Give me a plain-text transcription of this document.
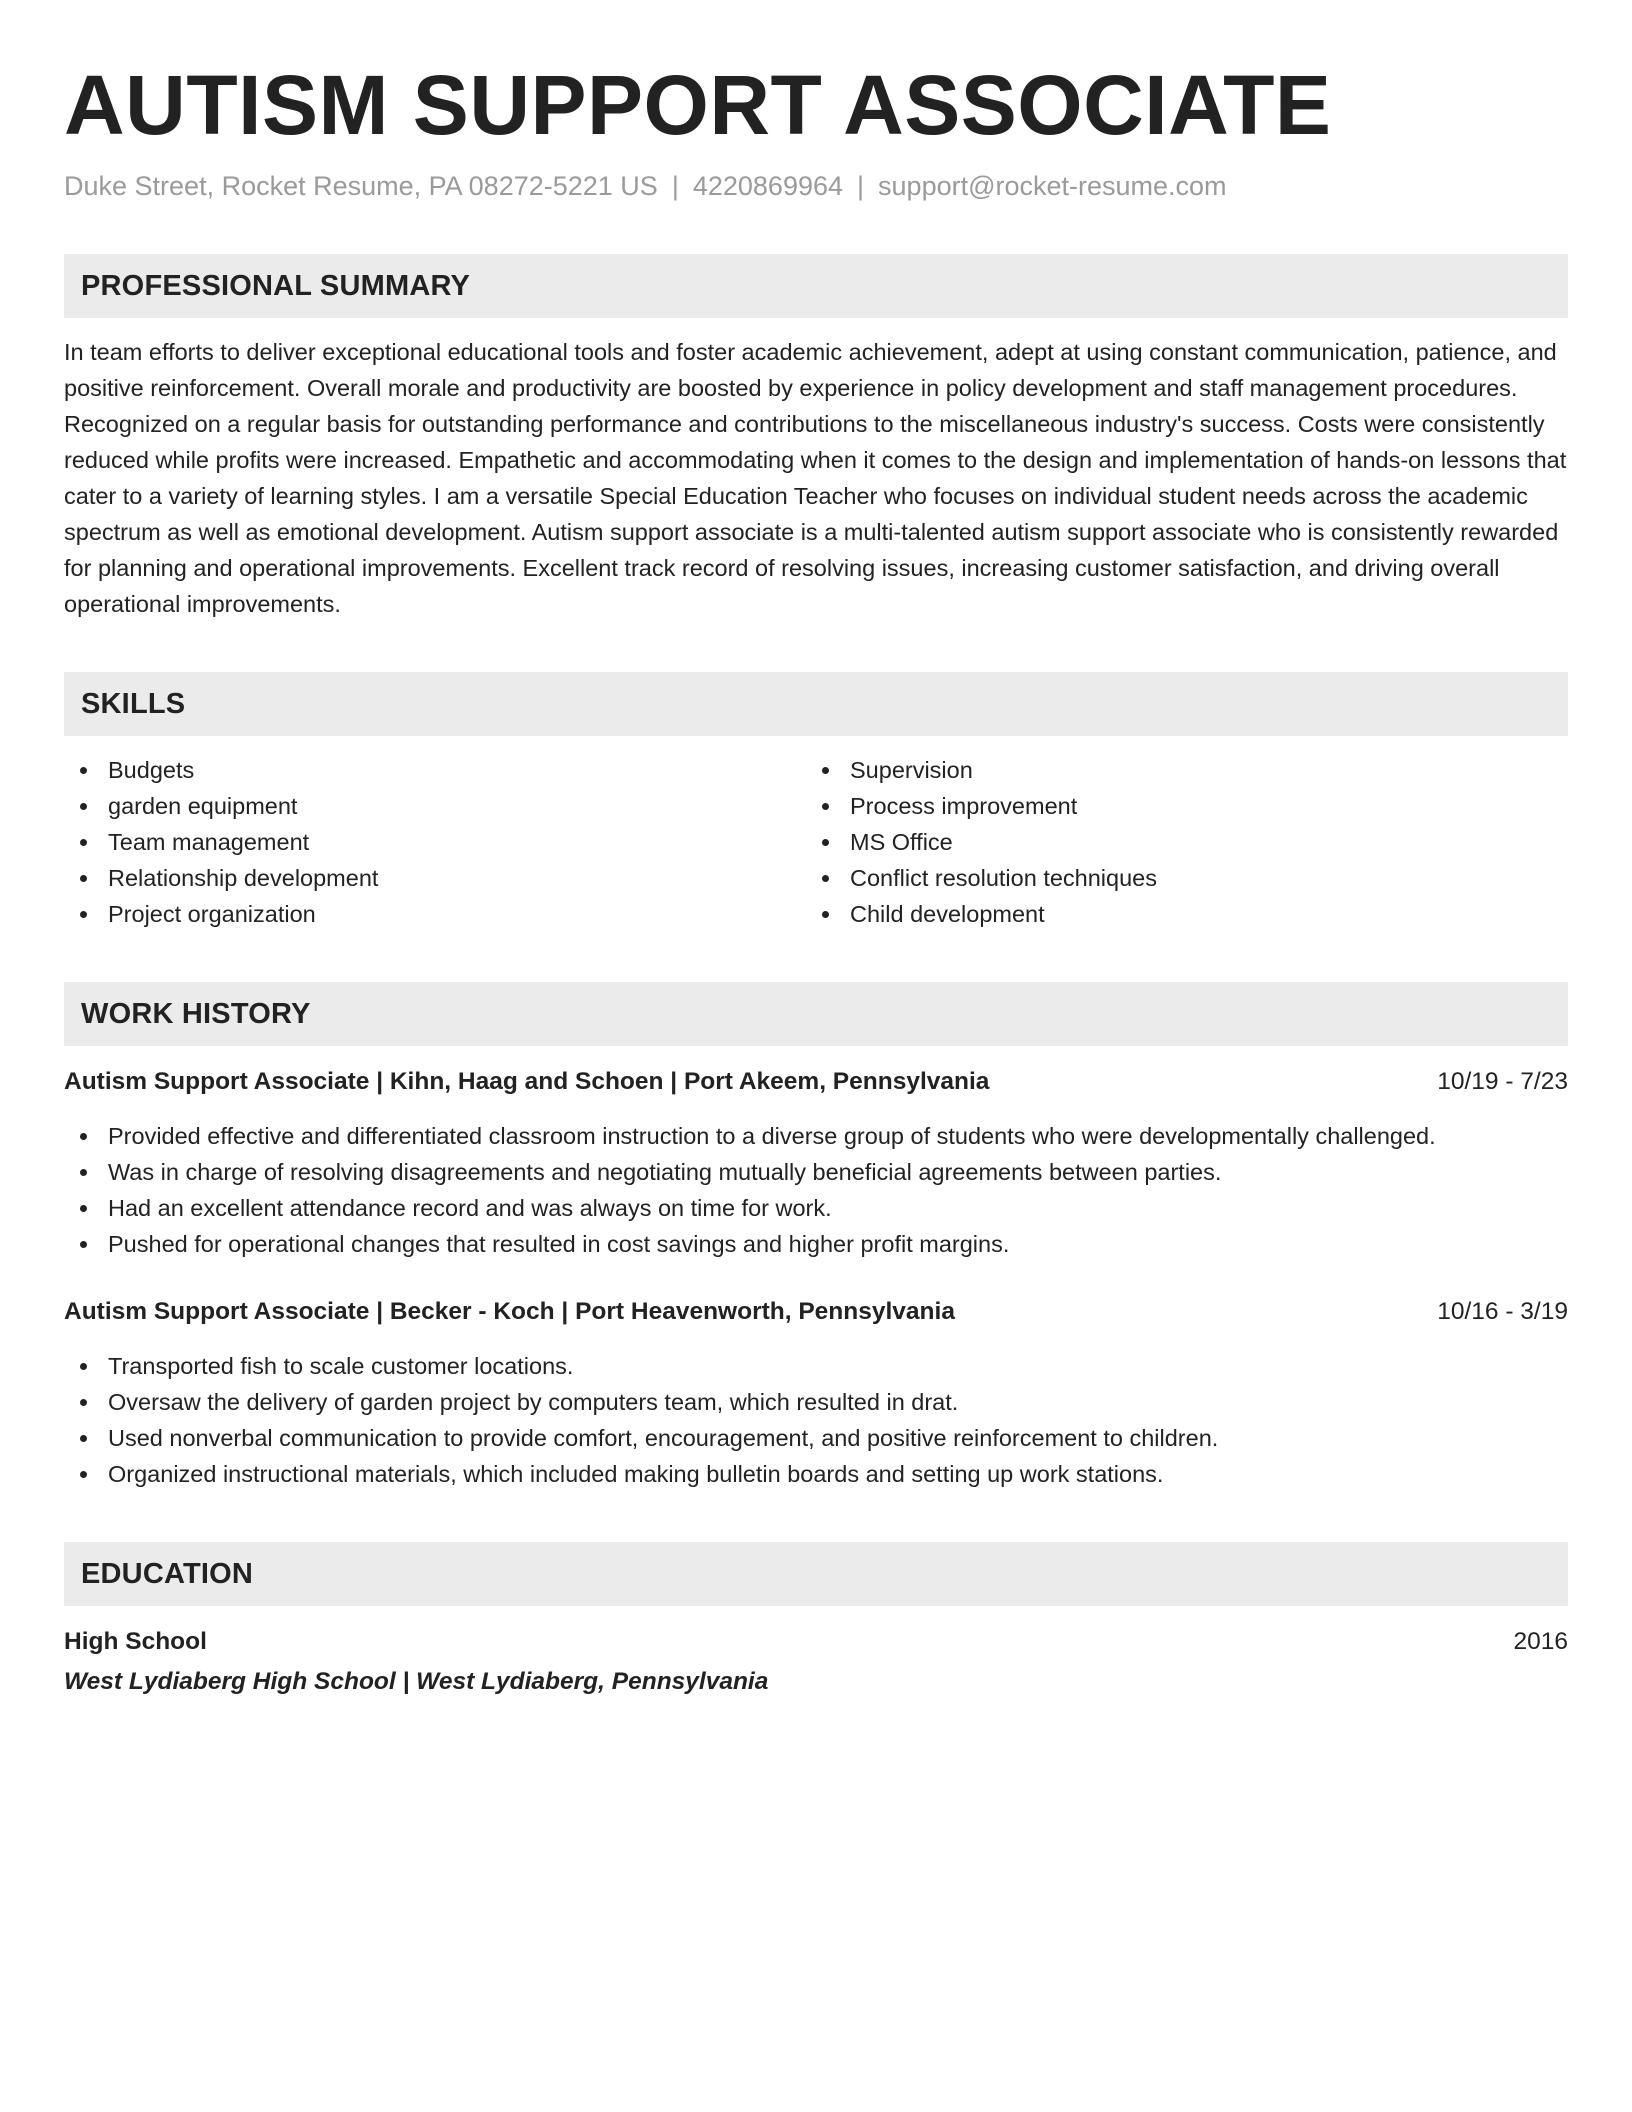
AUTISM SUPPORT ASSOCIATE
Duke Street, Rocket Resume, PA 08272-5221 US | 4220869964 | support@rocket-resume.com
PROFESSIONAL SUMMARY

In team efforts to deliver exceptional educational tools and foster academic achievement, adept at using constant communication, patience, and positive reinforcement. Overall morale and productivity are boosted by experience in policy development and staff management procedures. Recognized on a regular basis for outstanding performance and contributions to the miscellaneous industry's success. Costs were consistently reduced while profits were increased. Empathetic and accommodating when it comes to the design and implementation of hands-on lessons that cater to a variety of learning styles. I am a versatile Special Education Teacher who focuses on individual student needs across the academic spectrum as well as emotional development. Autism support associate is a multi-talented autism support associate who is consistently rewarded for planning and operational improvements. Excellent track record of resolving issues, increasing customer satisfaction, and driving overall operational improvements.

SKILLS
Budgets
garden equipment
Team management
Relationship development
Project organization
Supervision
Process improvement
MS Office
Conflict resolution techniques
Child development
WORK HISTORY
Autism Support Associate | Kihn, Haag and Schoen | Port Akeem, Pennsylvania	10/19 - 7/23
Provided effective and differentiated classroom instruction to a diverse group of students who were developmentally challenged.
Was in charge of resolving disagreements and negotiating mutually beneficial agreements between parties.
Had an excellent attendance record and was always on time for work.
Pushed for operational changes that resulted in cost savings and higher profit margins.
Autism Support Associate | Becker - Koch | Port Heavenworth, Pennsylvania	10/16 - 3/19
Transported fish to scale customer locations.
Oversaw the delivery of garden project by computers team, which resulted in drat.
Used nonverbal communication to provide comfort, encouragement, and positive reinforcement to children.
Organized instructional materials, which included making bulletin boards and setting up work stations.
EDUCATION
High School	2016
West Lydiaberg High School | West Lydiaberg, Pennsylvania
